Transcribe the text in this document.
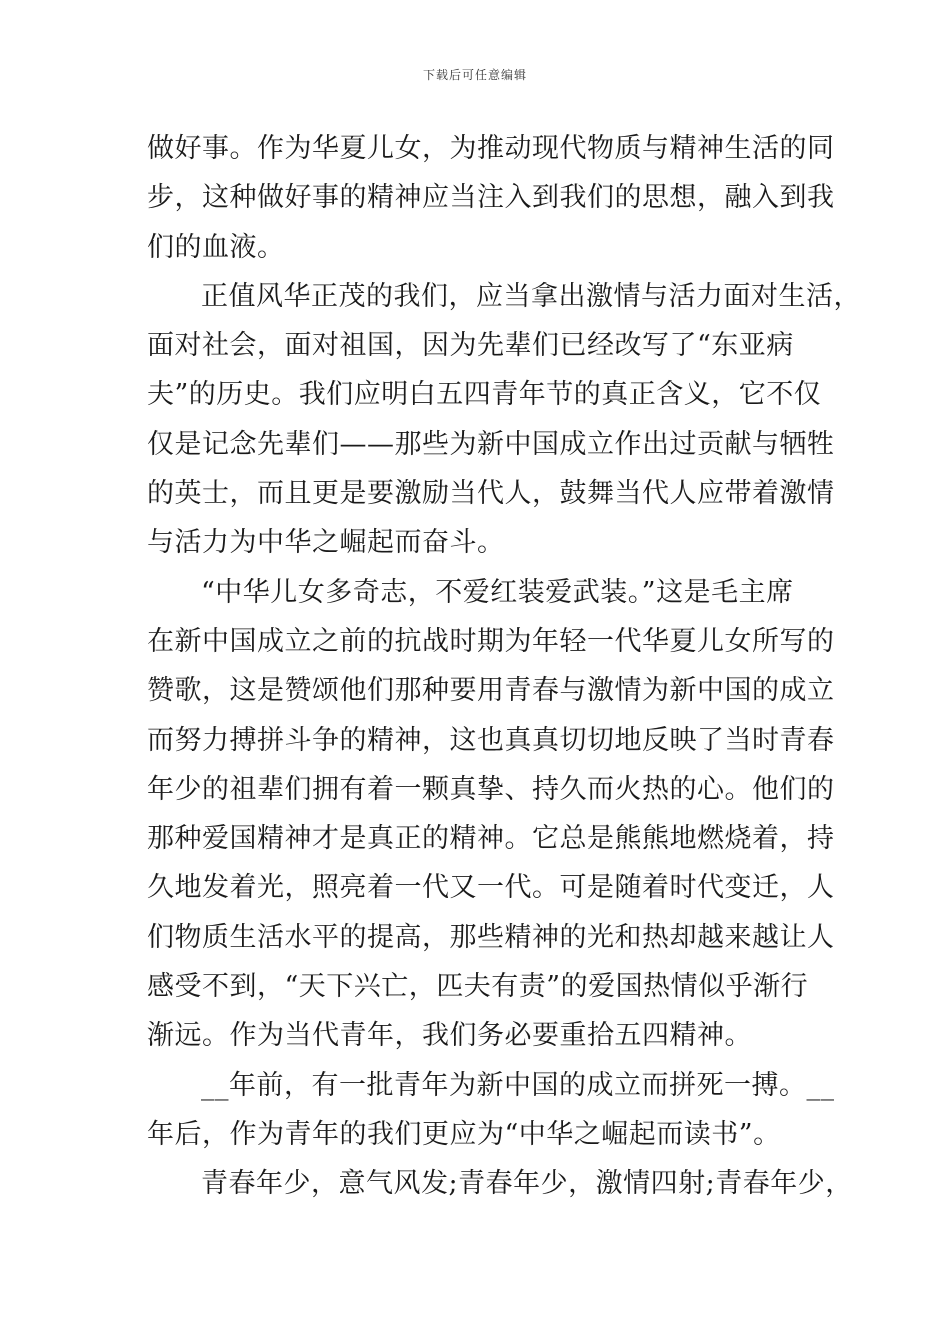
下载后可任意编辑
做好事。作为华夏儿女，为推动现代物质与精神生活的同
步，这种做好事的精神应当注入到我们的思想，融入到我
们的血液。
正值风华正茂的我们，应当拿出激情与活力面对生活，
面对社会，面对祖国，因为先辈们已经改写了“东亚病
夫”的历史。我们应明白五四青年节的真正含义，它不仅
仅是记念先辈们——那些为新中国成立作出过贡献与牺牲
的英士，而且更是要激励当代人，鼓舞当代人应带着激情
与活力为中华之崛起而奋斗。
“中华儿女多奇志，不爱红装爱武装。”这是毛主席
在新中国成立之前的抗战时期为年轻一代华夏儿女所写的
赞歌，这是赞颂他们那种要用青春与激情为新中国的成立
而努力搏拼斗争的精神，这也真真切切地反映了当时青春
年少的祖辈们拥有着一颗真挚、持久而火热的心。他们的
那种爱国精神才是真正的精神。它总是熊熊地燃烧着，持
久地发着光，照亮着一代又一代。可是随着时代变迁，人
们物质生活水平的提高，那些精神的光和热却越来越让人
感受不到，“天下兴亡，匹夫有责”的爱国热情似乎渐行
渐远。作为当代青年，我们务必要重拾五四精神。
__年前，有一批青年为新中国的成立而拼死一搏。__
年后，作为青年的我们更应为“中华之崛起而读书”。
青春年少，意气风发;青春年少，激情四射;青春年少，
